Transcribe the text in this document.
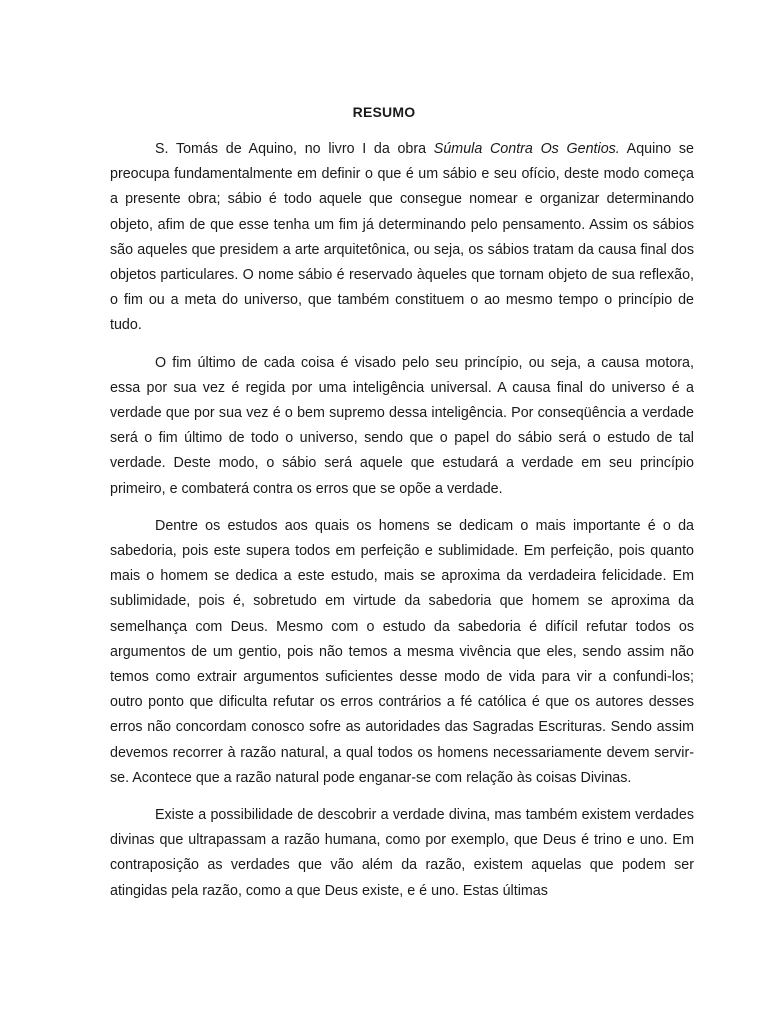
RESUMO

S. Tomás de Aquino, no livro I da obra Súmula Contra Os Gentios. Aquino se preocupa fundamentalmente em definir o que é um sábio e seu ofício, deste modo começa a presente obra; sábio é todo aquele que consegue nomear e organizar determinando objeto, afim de que esse tenha um fim já determinando pelo pensamento. Assim os sábios são aqueles que presidem a arte arquitetônica, ou seja, os sábios tratam da causa final dos objetos particulares. O nome sábio é reservado àqueles que tornam objeto de sua reflexão, o fim ou a meta do universo, que também constituem o ao mesmo tempo o princípio de tudo.

O fim último de cada coisa é visado pelo seu princípio, ou seja, a causa motora, essa por sua vez é regida por uma inteligência universal. A causa final do universo é a verdade que por sua vez é o bem supremo dessa inteligência. Por conseqüência a verdade será o fim último de todo o universo, sendo que o papel do sábio será o estudo de tal verdade. Deste modo, o sábio será aquele que estudará a verdade em seu princípio primeiro, e combaterá contra os erros que se opõe a verdade.

Dentre os estudos aos quais os homens se dedicam o mais importante é o da sabedoria, pois este supera todos em perfeição e sublimidade. Em perfeição, pois quanto mais o homem se dedica a este estudo, mais se aproxima da verdadeira felicidade. Em sublimidade, pois é, sobretudo em virtude da sabedoria que homem se aproxima da semelhança com Deus. Mesmo com o estudo da sabedoria é difícil refutar todos os argumentos de um gentio, pois não temos a mesma vivência que eles, sendo assim não temos como extrair argumentos suficientes desse modo de vida para vir a confundi-los; outro ponto que dificulta refutar os erros contrários a fé católica é que os autores desses erros não concordam conosco sofre as autoridades das Sagradas Escrituras. Sendo assim devemos recorrer à razão natural, a qual todos os homens necessariamente devem servir-se. Acontece que a razão natural pode enganar-se com relação às coisas Divinas.

Existe a possibilidade de descobrir a verdade divina, mas também existem verdades divinas que ultrapassam a razão humana, como por exemplo, que Deus é trino e uno. Em contraposição as verdades que vão além da razão, existem aquelas que podem ser atingidas pela razão, como a que Deus existe, e é uno. Estas últimas
